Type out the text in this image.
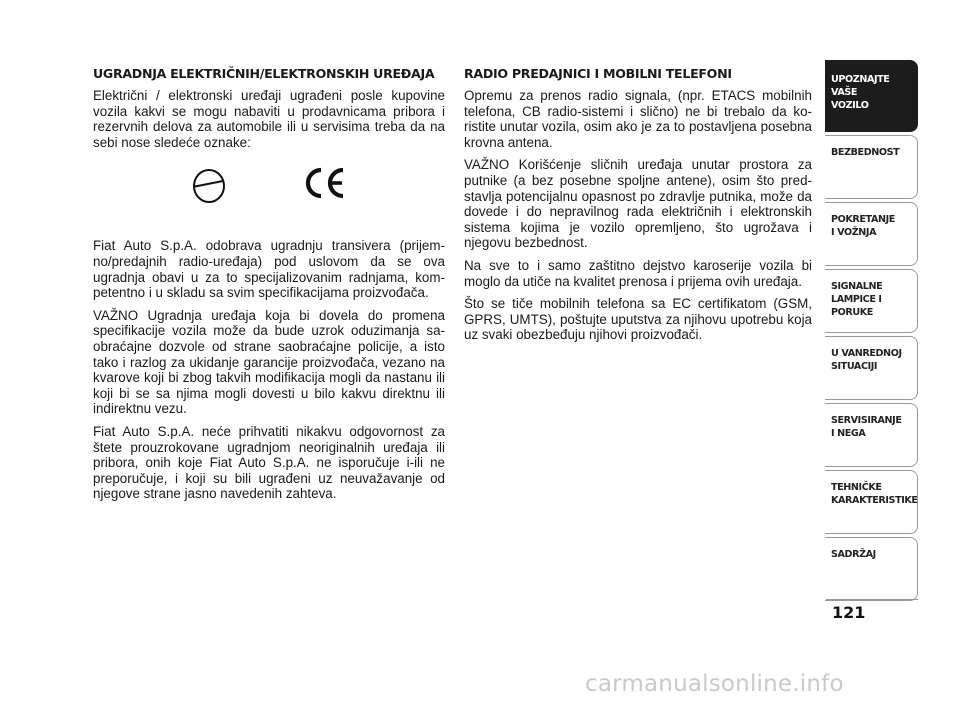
UGRADNJA ELEKTRIČNIH/ELEKTRONSKIH UREĐAJA

Električni / elektronski uređaji ugrađeni posle kupovine vozila kakvi se mogu nabaviti u prodavnicama pribora i rezervnih delova za automobile ili u servisima treba da na sebi nose sledeće oznake:

Fiat Auto S.p.A. odobrava ugradnju transivera (prijemno/predajnih radio-uređaja) pod uslovom da se ova ugradnja obavi u za to specijalizovanim radnjama, kompetentno i u skladu sa svim specifikacijama proizvođača.

VAŽNO Ugradnja uređaja koja bi dovela do promena specifikacije vozila može da bude uzrok oduzimanja saobraćajne dozvole od strane saobraćajne policije, a isto tako i razlog za ukidanje garancije proizvođača, vezano na kvarove koji bi zbog takvih modifikacija mogli da nastanu ili koji bi se sa njima mogli dovesti u bilo kakvu direktnu ili indirektnu vezu.

Fiat Auto S.p.A. neće prihvatiti nikakvu odgovornost za štete prouzrokovane ugradnjom neoriginalnih uređaja ili pribora, onih koje Fiat Auto S.p.A. ne isporučuje i-ili ne preporučuje, i koji su bili ugrađeni uz neuvažavanje od njegove strane jasno navedenih zahteva.

RADIO PREDAJNICI I MOBILNI TELEFONI

Opremu za prenos radio signala, (npr. ETACS mobilnih telefona, CB radio-sistemi i slično) ne bi trebalo da koristite unutar vozila, osim ako je za to postavljena posebna krovna antena.

VAŽNO Korišćenje sličnih uređaja unutar prostora za putnike (a bez posebne spoljne antene), osim što predstavlja potencijalnu opasnost po zdravlje putnika, može da dovede i do nepravilnog rada električnih i elektronskih sistema kojima je vozilo opremljeno, što ugrožava i njegovu bezbednost.

Na sve to i samo zaštitno dejstvo karoserije vozila bi moglo da utiče na kvalitet prenosa i prijema ovih uređaja.

Što se tiče mobilnih telefona sa EC certifikatom (GSM, GPRS, UMTS), poštujte uputstva za njihovu upotrebu koja uz svaki obezbeđuju njihovi proizvođači.

UPOZNAJTE
VAŠE
VOZILO
BEZBEDNOST
POKRETANJE
I VOŽNJA
SIGNALNE
LAMPICE I PORUKE
U VANREDNOJ
SITUACIJI
SERVISIRANJE
I NEGA
TEHNIČKE
KARAKTERISTIKE
SADRŽAJ
121
carmanualsonline.info
